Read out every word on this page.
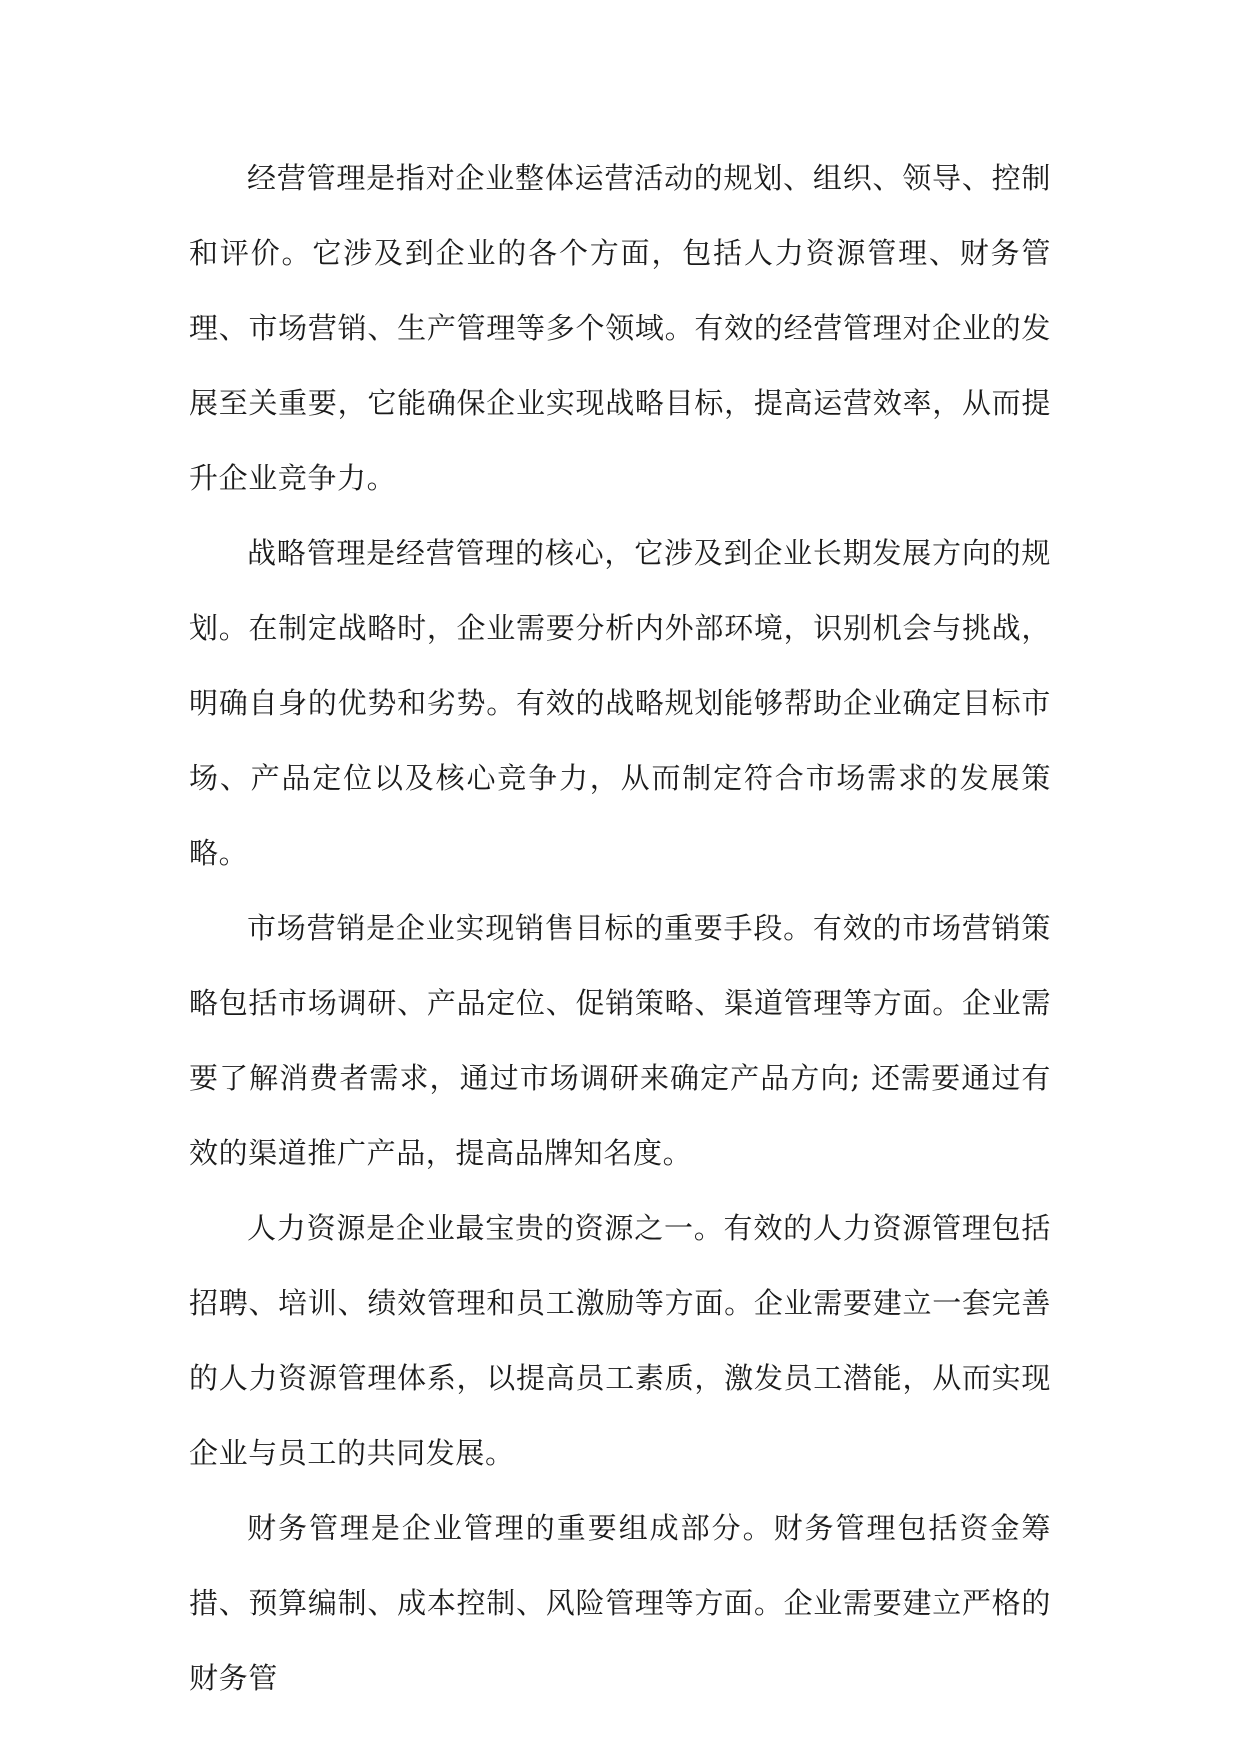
经营管理是指对企业整体运营活动的规划、组织、领导、控制和评价。它涉及到企业的各个方面，包括人力资源管理、财务管理、市场营销、生产管理等多个领域。有效的经营管理对企业的发展至关重要，它能确保企业实现战略目标，提高运营效率，从而提升企业竞争力。

战略管理是经营管理的核心，它涉及到企业长期发展方向的规划。在制定战略时，企业需要分析内外部环境，识别机会与挑战，明确自身的优势和劣势。有效的战略规划能够帮助企业确定目标市场、产品定位以及核心竞争力，从而制定符合市场需求的发展策略。

市场营销是企业实现销售目标的重要手段。有效的市场营销策略包括市场调研、产品定位、促销策略、渠道管理等方面。企业需要了解消费者需求，通过市场调研来确定产品方向; 还需要通过有效的渠道推广产品，提高品牌知名度。

人力资源是企业最宝贵的资源之一。有效的人力资源管理包括招聘、培训、绩效管理和员工激励等方面。企业需要建立一套完善的人力资源管理体系，以提高员工素质，激发员工潜能，从而实现企业与员工的共同发展。

财务管理是企业管理的重要组成部分。财务管理包括资金筹措、预算编制、成本控制、风险管理等方面。企业需要建立严格的财务管
